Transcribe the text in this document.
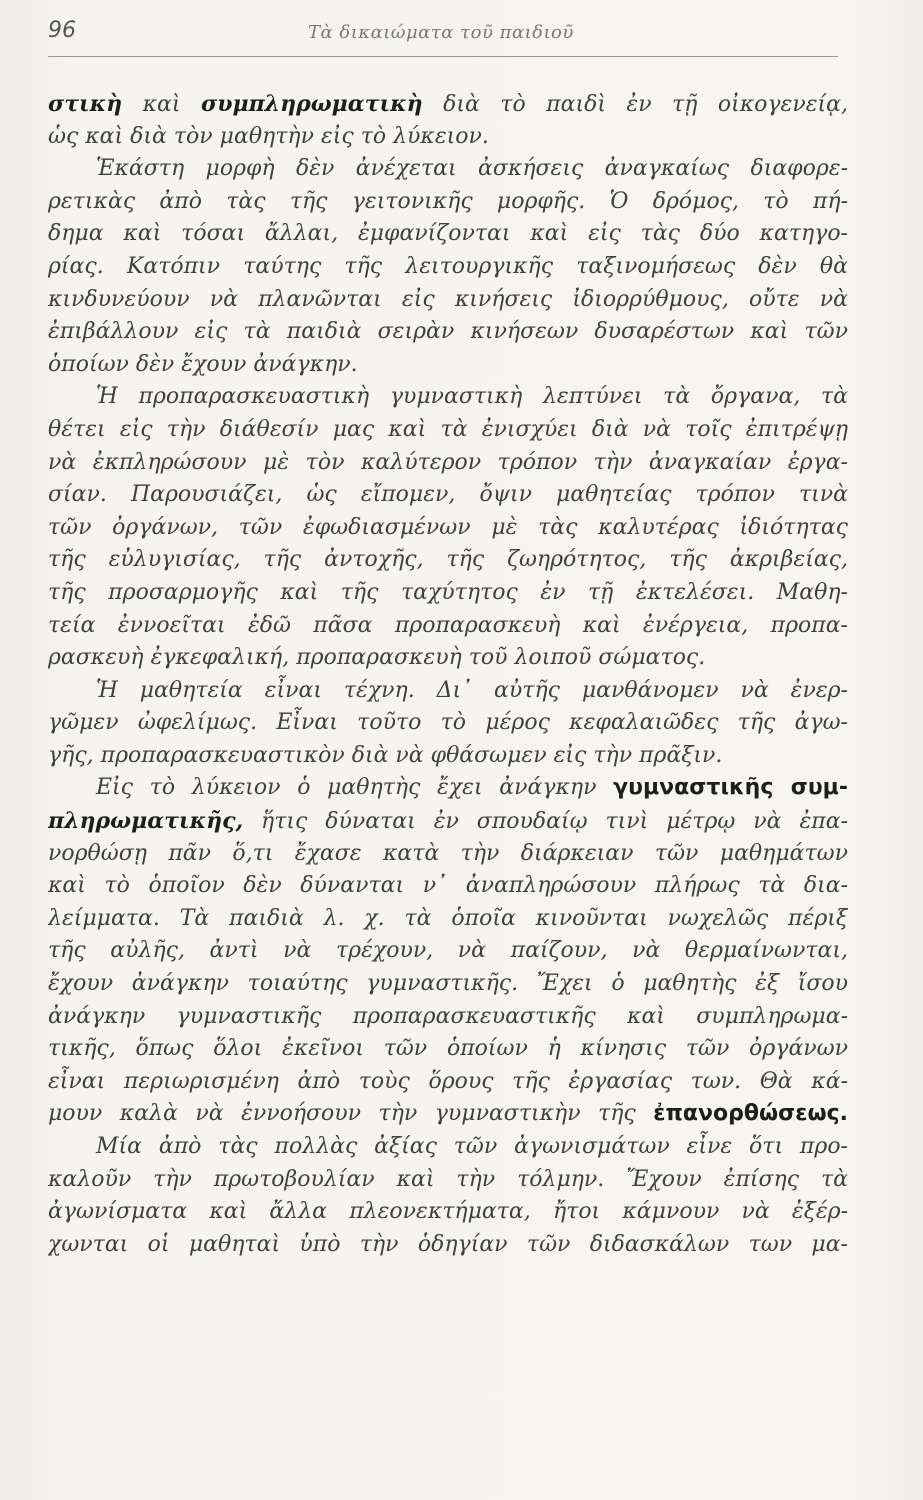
96	Τὰ δικαιώματα τοῦ παιδιοῦ
στικὴ καὶ συμπληρωματικὴ διὰ τὸ παιδὶ ἐν τῇ οἰκογενείᾳ,
ὡς καὶ διὰ τὸν μαθητὴν εἰς τὸ λύκειον.
Ἑκάστη μορφὴ δὲν ἀνέχεται ἀσκήσεις ἀναγκαίως διαφορε-
ρετικὰς ἀπὸ τὰς τῆς γειτονικῆς μορφῆς. Ὁ δρόμος, τὸ πή-
δημα καὶ τόσαι ἄλλαι, ἐμφανίζονται καὶ εἰς τὰς δύο κατηγο-
ρίας. Κατόπιν ταύτης τῆς λειτουργικῆς ταξινομήσεως δὲν θὰ
κινδυνεύουν νὰ πλανῶνται εἰς κινήσεις ἰδιορρύθμους, οὔτε νὰ
ἐπιβάλλουν εἰς τὰ παιδιὰ σειρὰν κινήσεων δυσαρέστων καὶ τῶν
ὁποίων δὲν ἔχουν ἀνάγκην.
Ἡ προπαρασκευαστικὴ γυμναστικὴ λεπτύνει τὰ ὄργανα, τὰ
θέτει εἰς τὴν διάθεσίν μας καὶ τὰ ἐνισχύει διὰ νὰ τοῖς ἐπιτρέψῃ
νὰ ἐκπληρώσουν μὲ τὸν καλύτερον τρόπον τὴν ἀναγκαίαν ἐργα-
σίαν. Παρουσιάζει, ὡς εἴπομεν, ὄψιν μαθητείας τρόπον τινὰ
τῶν ὀργάνων, τῶν ἐφωδιασμένων μὲ τὰς καλυτέρας ἰδιότητας
τῆς εὐλυγισίας, τῆς ἀντοχῆς, τῆς ζωηρότητος, τῆς ἀκριβείας,
τῆς προσαρμογῆς καὶ τῆς ταχύτητος ἐν τῇ ἐκτελέσει. Μαθη-
τεία ἐννοεῖται ἐδῶ πᾶσα προπαρασκευὴ καὶ ἐνέργεια, προπα-
ρασκευὴ ἐγκεφαλική, προπαρασκευὴ τοῦ λοιποῦ σώματος.
Ἡ μαθητεία εἶναι τέχνη. Δι᾽ αὐτῆς μανθάνομεν νὰ ἐνερ-
γῶμεν ὠφελίμως. Εἶναι τοῦτο τὸ μέρος κεφαλαιῶδες τῆς ἀγω-
γῆς, προπαρασκευαστικὸν διὰ νὰ φθάσωμεν εἰς τὴν πρᾶξιν.
Εἰς τὸ λύκειον ὁ μαθητὴς ἔχει ἀνάγκην γυμναστικῆς συμ-
πληρωματικῆς, ἥτις δύναται ἐν σπουδαίῳ τινὶ μέτρῳ νὰ ἐπα-
νορθώσῃ πᾶν ὅ,τι ἔχασε κατὰ τὴν διάρκειαν τῶν μαθημάτων
καὶ τὸ ὁποῖον δὲν δύνανται ν᾽ ἀναπληρώσουν πλήρως τὰ δια-
λείμματα. Τὰ παιδιὰ λ. χ. τὰ ὁποῖα κινοῦνται νωχελῶς πέριξ
τῆς αὐλῆς, ἀντὶ νὰ τρέχουν, νὰ παίζουν, νὰ θερμαίνωνται,
ἔχουν ἀνάγκην τοιαύτης γυμναστικῆς. Ἔχει ὁ μαθητὴς ἐξ ἴσου
ἀνάγκην γυμναστικῆς προπαρασκευαστικῆς καὶ συμπληρωμα-
τικῆς, ὅπως ὅλοι ἐκεῖνοι τῶν ὁποίων ἡ κίνησις τῶν ὀργάνων
εἶναι περιωρισμένη ἀπὸ τοὺς ὅρους τῆς ἐργασίας των. Θὰ κά-
μουν καλὰ νὰ ἐννοήσουν τὴν γυμναστικὴν τῆς ἐπανορθώσεως.
Μία ἀπὸ τὰς πολλὰς ἀξίας τῶν ἀγωνισμάτων εἶνε ὅτι προ-
καλοῦν τὴν πρωτοβουλίαν καὶ τὴν τόλμην. Ἔχουν ἐπίσης τὰ
ἀγωνίσματα καὶ ἄλλα πλεονεκτήματα, ἤτοι κάμνουν νὰ ἐξέρ-
χωνται οἱ μαθηταὶ ὑπὸ τὴν ὁδηγίαν τῶν διδασκάλων των μα-
